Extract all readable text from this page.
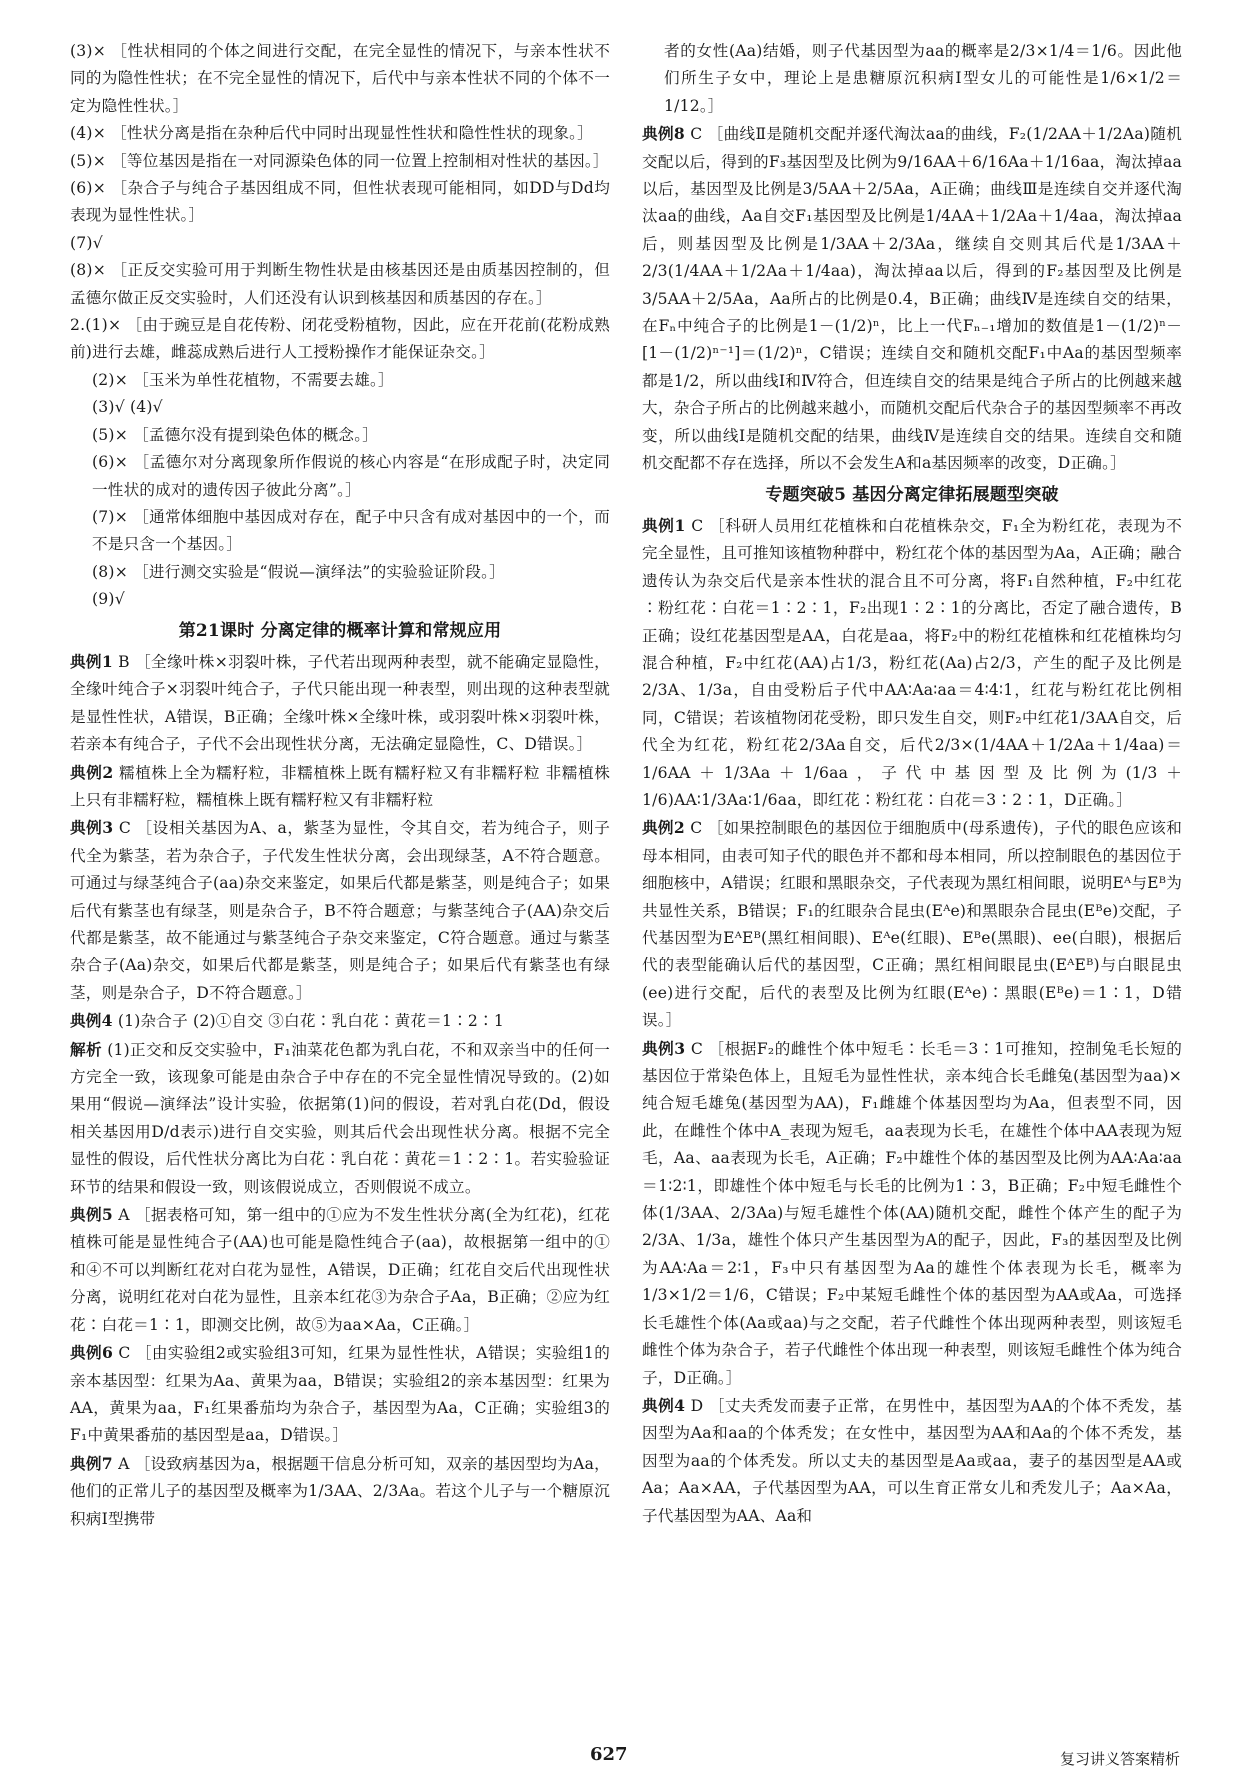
(3)× ［性状相同的个体之间进行交配，在完全显性的情况下，与亲本性状不同的为隐性性状；在不完全显性的情况下，后代中与亲本性状不同的个体不一定为隐性性状。］

(4)× ［性状分离是指在杂种后代中同时出现显性性状和隐性性状的现象。］

(5)× ［等位基因是指在一对同源染色体的同一位置上控制相对性状的基因。］

(6)× ［杂合子与纯合子基因组成不同，但性状表现可能相同，如DD与Dd均表现为显性性状。］

(7)√

(8)× ［正反交实验可用于判断生物性状是由核基因还是由质基因控制的，但孟德尔做正反交实验时，人们还没有认识到核基因和质基因的存在。］

2.(1)× ［由于豌豆是自花传粉、闭花受粉植物，因此，应在开花前(花粉成熟前)进行去雄，雌蕊成熟后进行人工授粉操作才能保证杂交。］

(2)× ［玉米为单性花植物，不需要去雄。］

(3)√ (4)√

(5)× ［孟德尔没有提到染色体的概念。］

(6)× ［孟德尔对分离现象所作假说的核心内容是“在形成配子时，决定同一性状的成对的遗传因子彼此分离”。］

(7)× ［通常体细胞中基因成对存在，配子中只含有成对基因中的一个，而不是只含一个基因。］

(8)× ［进行测交实验是“假说—演绎法”的实验验证阶段。］

(9)√

第21课时 分离定律的概率计算和常规应用

典例1 B ［全缘叶株×羽裂叶株，子代若出现两种表型，就不能确定显隐性，全缘叶纯合子×羽裂叶纯合子，子代只能出现一种表型，则出现的这种表型就是显性性状，A错误，B正确；全缘叶株×全缘叶株，或羽裂叶株×羽裂叶株，若亲本有纯合子，子代不会出现性状分离，无法确定显隐性，C、D错误。］

典例2 糯植株上全为糯籽粒，非糯植株上既有糯籽粒又有非糯籽粒 非糯植株上只有非糯籽粒，糯植株上既有糯籽粒又有非糯籽粒

典例3 C ［设相关基因为A、a，紫茎为显性，令其自交，若为纯合子，则子代全为紫茎，若为杂合子，子代发生性状分离，会出现绿茎，A不符合题意。可通过与绿茎纯合子(aa)杂交来鉴定，如果后代都是紫茎，则是纯合子；如果后代有紫茎也有绿茎，则是杂合子，B不符合题意；与紫茎纯合子(AA)杂交后代都是紫茎，故不能通过与紫茎纯合子杂交来鉴定，C符合题意。通过与紫茎杂合子(Aa)杂交，如果后代都是紫茎，则是纯合子；如果后代有紫茎也有绿茎，则是杂合子，D不符合题意。］

典例4 (1)杂合子 (2)①自交 ③白花∶乳白花∶黄花＝1∶2∶1

解析 (1)正交和反交实验中，F₁油菜花色都为乳白花，不和双亲当中的任何一方完全一致，该现象可能是由杂合子中存在的不完全显性情况导致的。(2)如果用“假说—演绎法”设计实验，依据第(1)问的假设，若对乳白花(Dd，假设相关基因用D/d表示)进行自交实验，则其后代会出现性状分离。根据不完全显性的假设，后代性状分离比为白花∶乳白花∶黄花＝1∶2∶1。若实验验证环节的结果和假设一致，则该假说成立，否则假说不成立。

典例5 A ［据表格可知，第一组中的①应为不发生性状分离(全为红花)，红花植株可能是显性纯合子(AA)也可能是隐性纯合子(aa)，故根据第一组中的①和④不可以判断红花对白花为显性，A错误，D正确；红花自交后代出现性状分离，说明红花对白花为显性，且亲本红花③为杂合子Aa，B正确；②应为红花∶白花＝1∶1，即测交比例，故⑤为aa×Aa，C正确。］

典例6 C ［由实验组2或实验组3可知，红果为显性性状，A错误；实验组1的亲本基因型：红果为Aa、黄果为aa，B错误；实验组2的亲本基因型：红果为AA，黄果为aa，F₁红果番茄均为杂合子，基因型为Aa，C正确；实验组3的F₁中黄果番茄的基因型是aa，D错误。］

典例7 A ［设致病基因为a，根据题干信息分析可知，双亲的基因型均为Aa，他们的正常儿子的基因型及概率为1/3AA、2/3Aa。若这个儿子与一个糖原沉积病Ⅰ型携带

者的女性(Aa)结婚，则子代基因型为aa的概率是2/3×1/4＝1/6。因此他们所生子女中，理论上是患糖原沉积病Ⅰ型女儿的可能性是1/6×1/2＝1/12。］

典例8 C ［曲线Ⅱ是随机交配并逐代淘汰aa的曲线，F₂(1/2AA＋1/2Aa)随机交配以后，得到的F₃基因型及比例为9/16AA＋6/16Aa＋1/16aa，淘汰掉aa以后，基因型及比例是3/5AA＋2/5Aa，A正确；曲线Ⅲ是连续自交并逐代淘汰aa的曲线，Aa自交F₁基因型及比例是1/4AA＋1/2Aa＋1/4aa，淘汰掉aa后，则基因型及比例是1/3AA＋2/3Aa，继续自交则其后代是1/3AA＋2/3(1/4AA＋1/2Aa＋1/4aa)，淘汰掉aa以后，得到的F₂基因型及比例是3/5AA＋2/5Aa，Aa所占的比例是0.4，B正确；曲线Ⅳ是连续自交的结果，在Fₙ中纯合子的比例是1－(1/2)ⁿ，比上一代Fₙ₋₁增加的数值是1－(1/2)ⁿ－[1－(1/2)ⁿ⁻¹]＝(1/2)ⁿ，C错误；连续自交和随机交配F₁中Aa的基因型频率都是1/2，所以曲线Ⅰ和Ⅳ符合，但连续自交的结果是纯合子所占的比例越来越大，杂合子所占的比例越来越小，而随机交配后代杂合子的基因型频率不再改变，所以曲线Ⅰ是随机交配的结果，曲线Ⅳ是连续自交的结果。连续自交和随机交配都不存在选择，所以不会发生A和a基因频率的改变，D正确。］

专题突破5 基因分离定律拓展题型突破

典例1 C ［科研人员用红花植株和白花植株杂交，F₁全为粉红花，表现为不完全显性，且可推知该植物种群中，粉红花个体的基因型为Aa，A正确；融合遗传认为杂交后代是亲本性状的混合且不可分离，将F₁自然种植，F₂中红花∶粉红花∶白花＝1∶2∶1，F₂出现1∶2∶1的分离比，否定了融合遗传，B正确；设红花基因型是AA，白花是aa，将F₂中的粉红花植株和红花植株均匀混合种植，F₂中红花(AA)占1/3，粉红花(Aa)占2/3，产生的配子及比例是2/3A、1/3a，自由受粉后子代中AA∶Aa∶aa＝4∶4∶1，红花与粉红花比例相同，C错误；若该植物闭花受粉，即只发生自交，则F₂中红花1/3AA自交，后代全为红花，粉红花2/3Aa自交，后代2/3×(1/4AA＋1/2Aa＋1/4aa)＝1/6AA＋1/3Aa＋1/6aa，子代中基因型及比例为(1/3＋1/6)AA∶1/3Aa∶1/6aa，即红花∶粉红花∶白花＝3∶2∶1，D正确。］

典例2 C ［如果控制眼色的基因位于细胞质中(母系遗传)，子代的眼色应该和母本相同，由表可知子代的眼色并不都和母本相同，所以控制眼色的基因位于细胞核中，A错误；红眼和黑眼杂交，子代表现为黑红相间眼，说明Eᴬ与Eᴮ为共显性关系，B错误；F₁的红眼杂合昆虫(Eᴬe)和黑眼杂合昆虫(Eᴮe)交配，子代基因型为EᴬEᴮ(黑红相间眼)、Eᴬe(红眼)、Eᴮe(黑眼)、ee(白眼)，根据后代的表型能确认后代的基因型，C正确；黑红相间眼昆虫(EᴬEᴮ)与白眼昆虫(ee)进行交配，后代的表型及比例为红眼(Eᴬe)∶黑眼(Eᴮe)＝1∶1，D错误。］

典例3 C ［根据F₂的雌性个体中短毛∶长毛＝3∶1可推知，控制兔毛长短的基因位于常染色体上，且短毛为显性性状，亲本纯合长毛雌兔(基因型为aa)×纯合短毛雄兔(基因型为AA)，F₁雌雄个体基因型均为Aa，但表型不同，因此，在雌性个体中A_表现为短毛，aa表现为长毛，在雄性个体中AA表现为短毛，Aa、aa表现为长毛，A正确；F₂中雄性个体的基因型及比例为AA∶Aa∶aa＝1∶2∶1，即雄性个体中短毛与长毛的比例为1∶3，B正确；F₂中短毛雌性个体(1/3AA、2/3Aa)与短毛雄性个体(AA)随机交配，雌性个体产生的配子为2/3A、1/3a，雄性个体只产生基因型为A的配子，因此，F₃的基因型及比例为AA∶Aa＝2∶1，F₃中只有基因型为Aa的雄性个体表现为长毛，概率为1/3×1/2＝1/6，C错误；F₂中某短毛雌性个体的基因型为AA或Aa，可选择长毛雄性个体(Aa或aa)与之交配，若子代雌性个体出现两种表型，则该短毛雌性个体为杂合子，若子代雌性个体出现一种表型，则该短毛雌性个体为纯合子，D正确。］

典例4 D ［丈夫秃发而妻子正常，在男性中，基因型为AA的个体不秃发，基因型为Aa和aa的个体秃发；在女性中，基因型为AA和Aa的个体不秃发，基因型为aa的个体秃发。所以丈夫的基因型是Aa或aa，妻子的基因型是AA或Aa；Aa×AA，子代基因型为AA，可以生育正常女儿和秃发儿子；Aa×Aa，子代基因型为AA、Aa和

627	复习讲义答案精析
